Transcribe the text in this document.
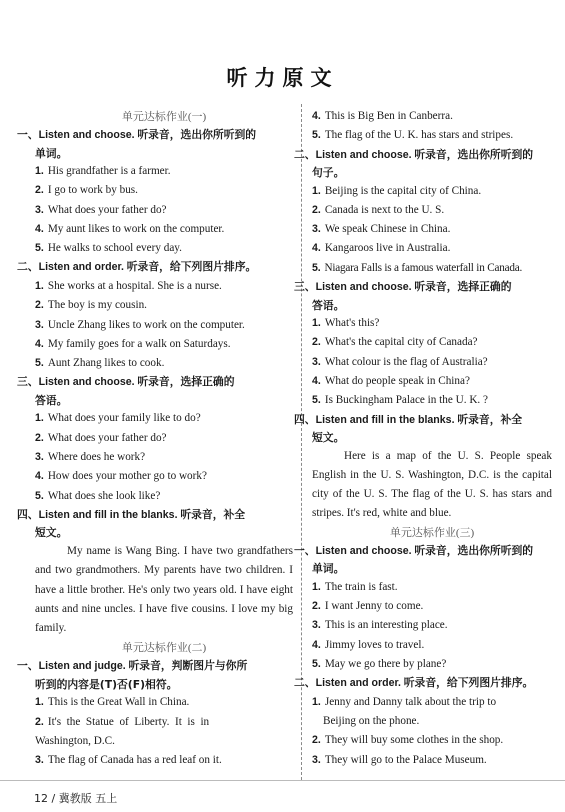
听力原文
单元达标作业(一)
一、Listen and choose. 听录音，选出你所听到的
单词。
1. His grandfather is a farmer.
2. I go to work by bus.
3. What does your father do?
4. My aunt likes to work on the computer.
5. He walks to school every day.
二、Listen and order. 听录音，给下列图片排序。
1. She works at a hospital. She is a nurse.
2. The boy is my cousin.
3. Uncle Zhang likes to work on the computer.
4. My family goes for a walk on Saturdays.
5. Aunt Zhang likes to cook.
三、Listen and choose. 听录音，选择正确的
答语。
1. What does your family like to do?
2. What does your father do?
3. Where does he work?
4. How does your mother go to work?
5. What does she look like?
四、Listen and fill in the blanks. 听录音，补全
短文。
My name is Wang Bing. I have two grandfathers and two grandmothers. My parents have two children. I have a little brother. He's only two years old. I have eight aunts and nine uncles. I have five cousins. I love my big family.
单元达标作业(二)
一、Listen and judge. 听录音，判断图片与你所
听到的内容是(T)否(F)相符。
1. This is the Great Wall in China.
2. It's  the  Statue  of  Liberty.  It  is  in
Washington, D.C.
3. The flag of Canada has a red leaf on it.
4. This is Big Ben in Canberra.
5. The flag of the U. K. has stars and stripes.
二、Listen and choose. 听录音，选出你所听到的
句子。
1. Beijing is the capital city of China.
2. Canada is next to the U. S.
3. We speak Chinese in China.
4. Kangaroos live in Australia.
5. Niagara Falls is a famous waterfall in Canada.
三、Listen and choose. 听录音，选择正确的
答语。
1. What's this?
2. What's the capital city of Canada?
3. What colour is the flag of Australia?
4. What do people speak in China?
5. Is Buckingham Palace in the U. K. ?
四、Listen and fill in the blanks. 听录音，补全
短文。
Here is a map of the U. S. People speak English in the U. S. Washington, D.C. is the capital city of the U. S. The flag of the U. S. has stars and stripes. It's red, white and blue.
单元达标作业(三)
一、Listen and choose. 听录音，选出你所听到的
单词。
1. The train is fast.
2. I want Jenny to come.
3. This is an interesting place.
4. Jimmy loves to travel.
5. May we go there by plane?
二、Listen and order. 听录音，给下列图片排序。
1. Jenny and Danny talk about the trip to
Beijing on the phone.
2. They will buy some clothes in the shop.
3. They will go to the Palace Museum.
12 / 冀教版 五上
